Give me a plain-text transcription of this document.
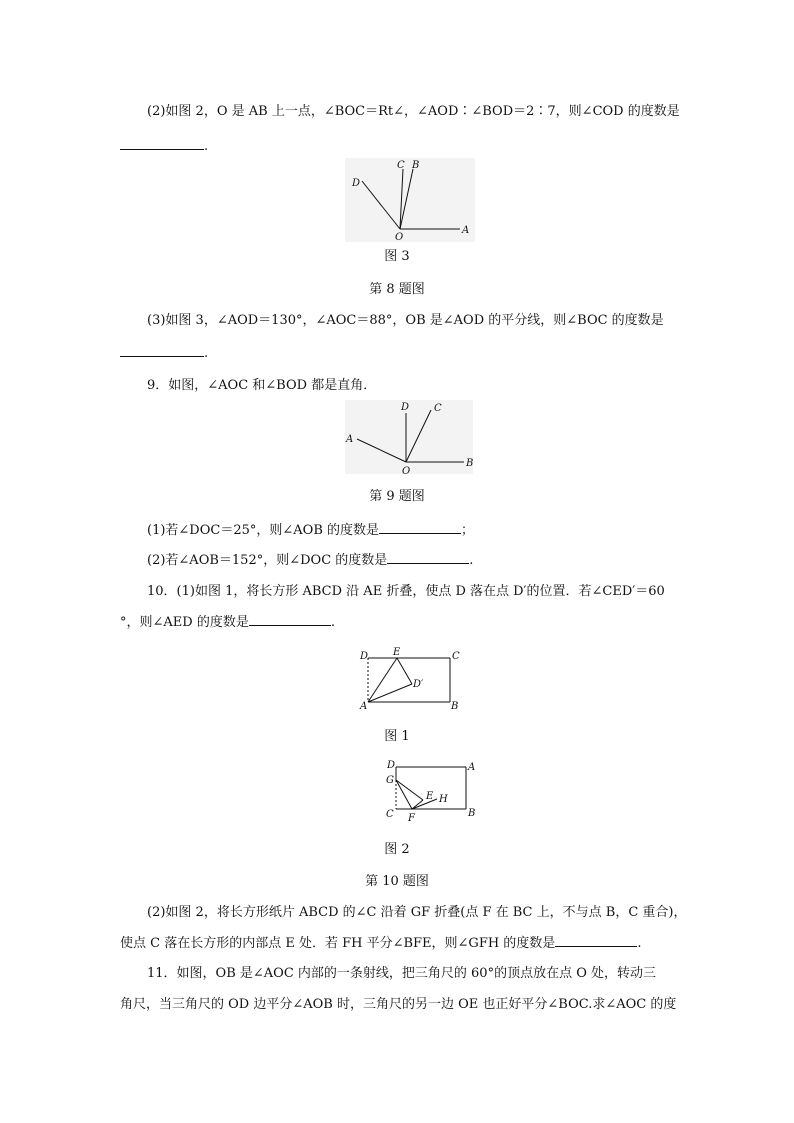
(2)如图 2，O 是 AB 上一点，∠BOC＝Rt∠，∠AOD∶∠BOD＝2∶7，则∠COD 的度数是
.
D
C B
O
A
图 3
第 8 题图
(3)如图 3，∠AOD＝130°，∠AOC＝88°，OB 是∠AOD 的平分线，则∠BOC 的度数是
.
9．如图，∠AOC 和∠BOD 都是直角．
D C
A
O
B
第 9 题图
(1)若∠DOC＝25°，则∠AOB 的度数是	；
(2)若∠AOB＝152°，则∠DOC 的度数是	.
10．(1)如图 1，将长方形 ABCD 沿 AE 折叠，使点 D 落在点 D′的位置．若∠CED′＝60
°，则∠AED 的度数是	.
D E	C
D′
A	B
图 1
D	A
G
E H
C F	B
图 2
第 10 题图
(2)如图 2，将长方形纸片 ABCD 的∠C 沿着 GF 折叠(点 F 在 BC 上，不与点 B，C 重合)，
使点 C 落在长方形的内部点 E 处．若 FH 平分∠BFE，则∠GFH 的度数是	.
11．如图，OB 是∠AOC 内部的一条射线，把三角尺的 60°的顶点放在点 O 处，转动三
角尺，当三角尺的 OD 边平分∠AOB 时，三角尺的另一边 OE 也正好平分∠BOC.求∠AOC 的度
